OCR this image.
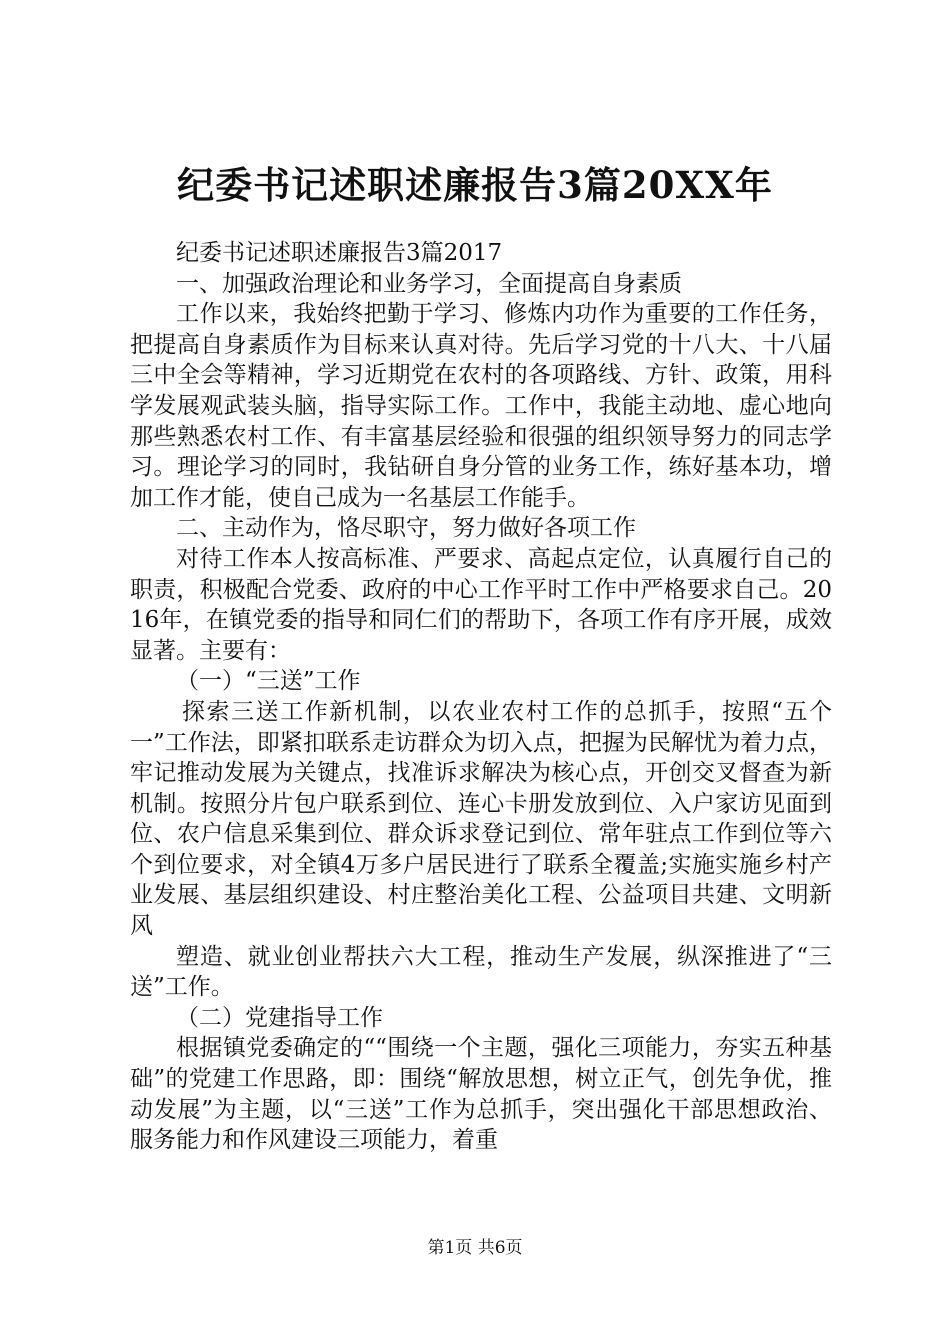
纪委书记述职述廉报告3篇20XX年

纪委书记述职述廉报告3篇2017

一、加强政治理论和业务学习，全面提高自身素质

工作以来，我始终把勤于学习、修炼内功作为重要的工作任务，把提高自身素质作为目标来认真对待。先后学习党的十八大、十八届三中全会等精神，学习近期党在农村的各项路线、方针、政策，用科学发展观武装头脑，指导实际工作。工作中，我能主动地、虚心地向那些熟悉农村工作、有丰富基层经验和很强的组织领导努力的同志学习。理论学习的同时，我钻研自身分管的业务工作，练好基本功，增加工作才能，使自己成为一名基层工作能手。

二、主动作为，恪尽职守，努力做好各项工作

对待工作本人按高标准、严要求、高起点定位，认真履行自己的职责，积极配合党委、政府的中心工作平时工作中严格要求自己。2016年，在镇党委的指导和同仁们的帮助下，各项工作有序开展，成效显著。主要有：

（一）“三送”工作

探索三送工作新机制，以农业农村工作的总抓手，按照“五个一”工作法，即紧扣联系走访群众为切入点，把握为民解忧为着力点，牢记推动发展为关键点，找准诉求解决为核心点，开创交叉督查为新机制。按照分片包户联系到位、连心卡册发放到位、入户家访见面到位、农户信息采集到位、群众诉求登记到位、常年驻点工作到位等六个到位要求，对全镇4万多户居民进行了联系全覆盖;实施实施乡村产业发展、基层组织建设、村庄整治美化工程、公益项目共建、文明新风

塑造、就业创业帮扶六大工程，推动生产发展，纵深推进了“三送”工作。

（二）党建指导工作

根据镇党委确定的““围绕一个主题，强化三项能力，夯实五种基础”的党建工作思路，即：围绕“解放思想，树立正气，创先争优，推动发展”为主题，以“三送”工作为总抓手，突出强化干部思想政治、服务能力和作风建设三项能力，着重

第1页 共6页
